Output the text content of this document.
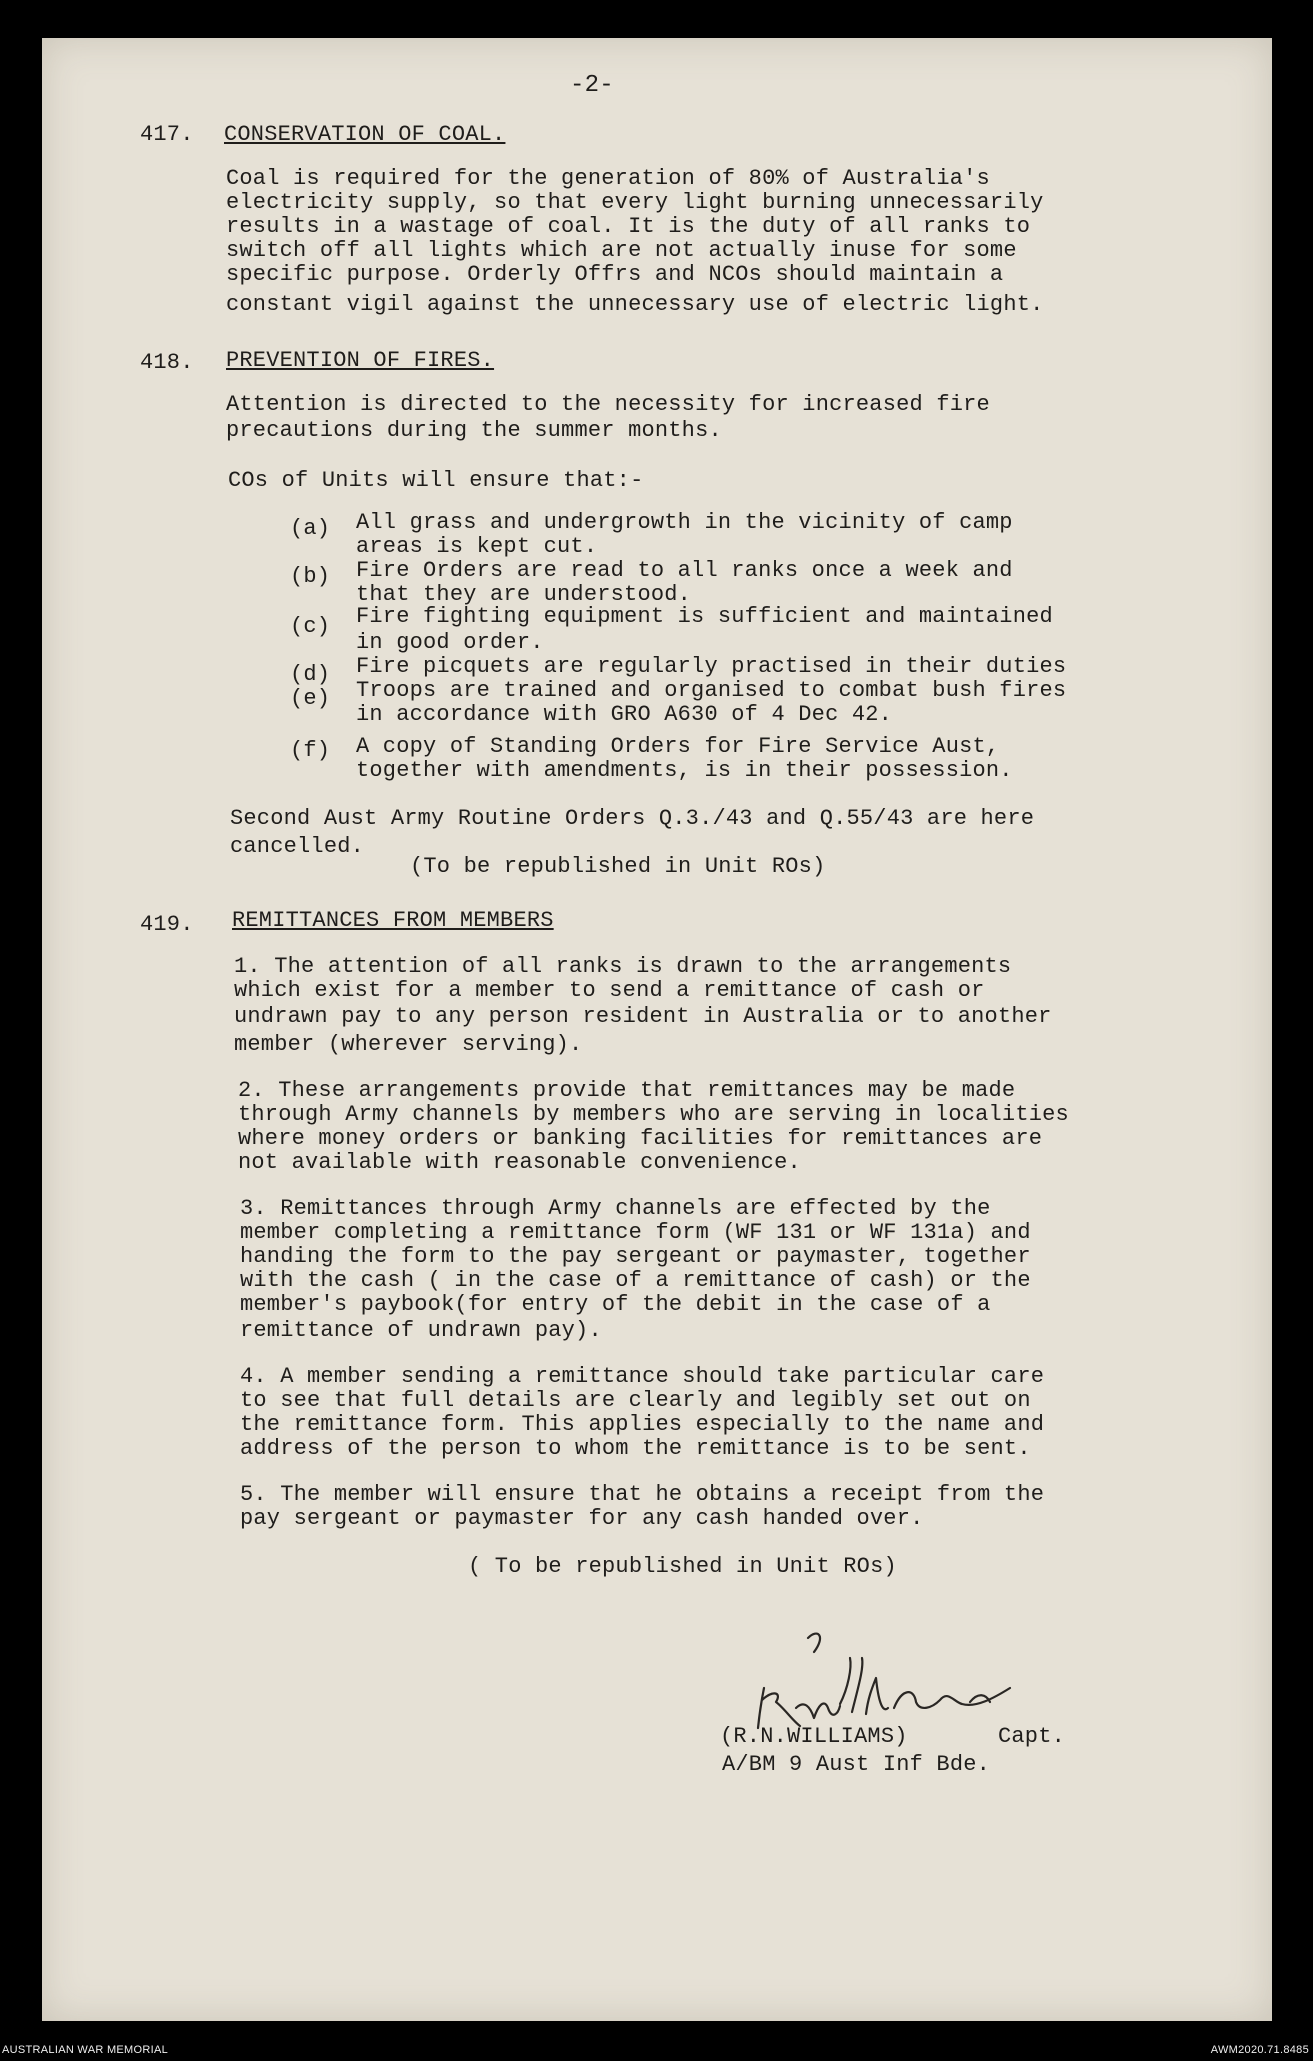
-2-
417. CONSERVATION OF COAL.
Coal is required for the generation of 80% of Australia's
electricity supply, so that every light burning unnecessarily
results in a wastage of coal. It is the duty of all ranks to
switch off all lights which are not actually inuse for some
specific purpose. Orderly Offrs and NCOs should maintain a
constant vigil against the unnecessary use of electric light.
418. PREVENTION OF FIRES.
Attention is directed to the necessity for increased fire
precautions during the summer months.
COs of Units will ensure that:-
(a) All grass and undergrowth in the vicinity of camp
areas is kept cut.
(b) Fire Orders are read to all ranks once a week and
that they are understood.
(c) Fire fighting equipment is sufficient and maintained
in good order.
(d) Fire picquets are regularly practised in their duties
(e) Troops are trained and organised to combat bush fires
in accordance with GRO A630 of 4 Dec 42.
(f) A copy of Standing Orders for Fire Service Aust,
together with amendments, is in their possession.
Second Aust Army Routine Orders Q.3./43 and Q.55/43 are here
cancelled.
(To be republished in Unit ROs)
419. REMITTANCES FROM MEMBERS
1. The attention of all ranks is drawn to the arrangements
which exist for a member to send a remittance of cash or
undrawn pay to any person resident in Australia or to another
member (wherever serving).
2. These arrangements provide that remittances may be made
through Army channels by members who are serving in localities
where money orders or banking facilities for remittances are
not available with reasonable convenience.
3. Remittances through Army channels are effected by the
member completing a remittance form (WF 131 or WF 131a) and
handing the form to the pay sergeant or paymaster, together
with the cash ( in the case of a remittance of cash) or the
member's paybook(for entry of the debit in the case of a
remittance of undrawn pay).
4. A member sending a remittance should take particular care
to see that full details are clearly and legibly set out on
the remittance form. This applies especially to the name and
address of the person to whom the remittance is to be sent.
5. The member will ensure that he obtains a receipt from the
pay sergeant or paymaster for any cash handed over.
( To be republished in Unit ROs)
(R.N.WILLIAMS)	Capt.
A/BM 9 Aust Inf Bde.
AUSTRALIAN WAR MEMORIAL	AWM2020.71.8485
